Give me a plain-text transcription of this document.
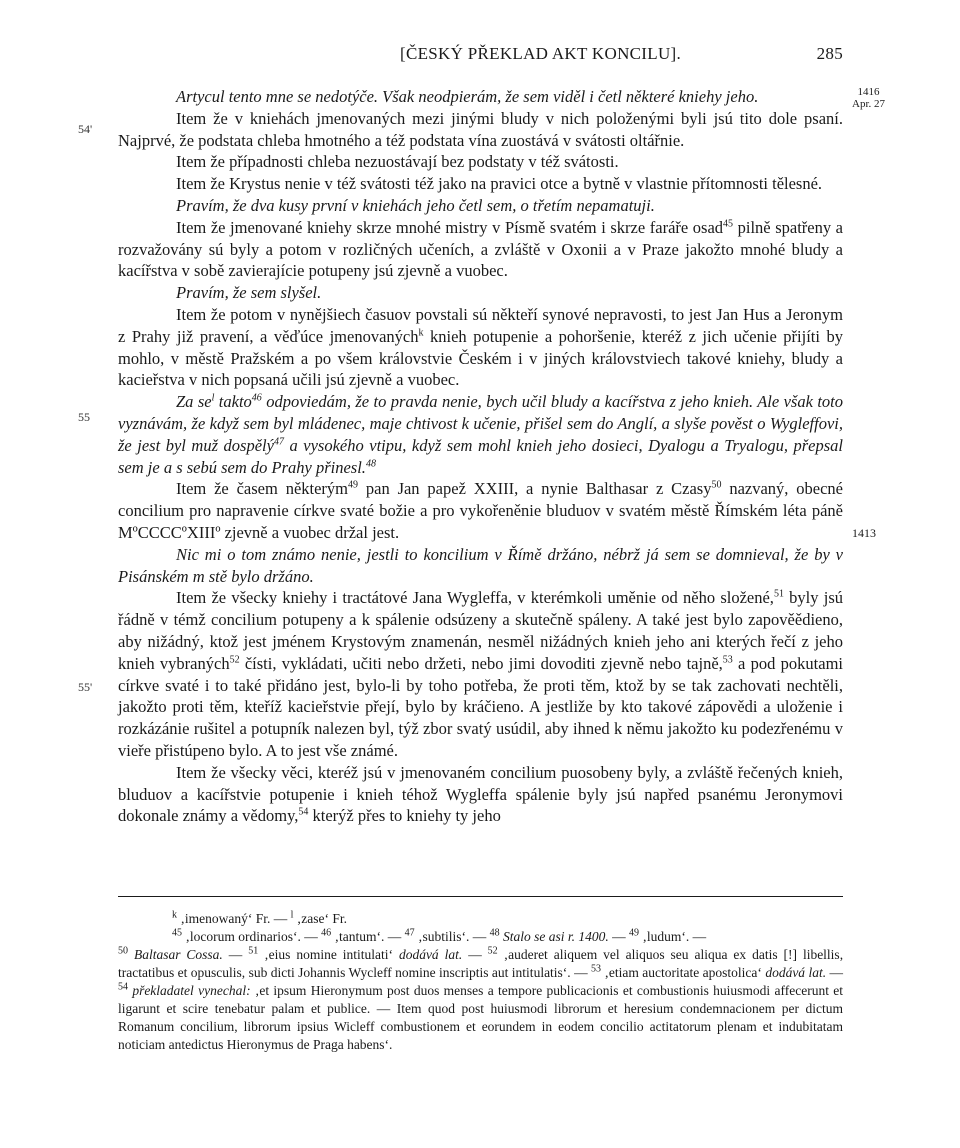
[ČESKÝ PŘEKLAD AKT KONCILU].	285
54'
55
55'
1416
Apr. 27
1413

Artycul tento mne se nedotýče. Však neodpierám, že sem viděl i četl některé kniehy jeho.

Item že v kniehách jmenovaných mezi jinými bludy v nich položenými byli jsú tito dole psaní. Najprvé, že podstata chleba hmotného a též podstata vína zuostává v svátosti oltářnie.

Item že případnosti chleba nezuostávají bez podstaty v též svátosti.

Item že Krystus nenie v též svátosti též jako na pravici otce a bytně v vlastnie přítomnosti tělesné.

Pravím, že dva kusy první v kniehách jeho četl sem, o třetím nepamatuji.

Item že jmenované kniehy skrze mnohé mistry v Písmě svatém i skrze faráře osad$^{45}$ pilně spatřeny a rozvažovány sú byly a potom v rozličných učeních, a zvláště v Oxonii a v Praze jakožto mnohé bludy a kacířstva v sobě zavierajície potupeny jsú zjevně a vuobec.

Pravím, že sem slyšel.

Item že potom v nynějšiech časuov povstali sú někteří synové nepravosti, to jest Jan Hus a Jeronym z Prahy již pravení, a věďúce jmenovaných$^k$ knieh potupenie a pohoršenie, kteréž z jich učenie přijíti by mohlo, v městě Pražském a po všem královstvie Českém i v jiných královstviech takové kniehy, bludy a kacieřstva v nich popsaná učili jsú zjevně a vuobec.

Za $se^l$ takto$^{46}$ odpoviedám, že to pravda nenie, bych učil bludy a kacířstva z jeho knieh. Ale však toto vyznávám, že když sem byl mládenec, maje chtivost k učenie, přišel sem do Anglí, a slyše pověst o Wygleffovi, že jest byl muž dospělý$^{47}$ a vysokého vtipu, když sem mohl knieh jeho dosieci, Dyalogu a Tryalogu, přepsal sem je a s sebú sem do Prahy přinesl.$^{48}$

Item že časem některým$^{49}$ pan Jan papež XXIII, a nynie Balthasar z Czasy$^{50}$ nazvaný, obecné concilium pro napravenie církve svaté božie a pro vykořeněnie bluduov v svatém městě Římském léta páně MºCCCCºXIIIº zjevně a vuobec držal jest.

Nic mi o tom známo nenie, jestli to koncilium v Římě držáno, nébrž já sem se domnieval, že by v Pisánském m stě bylo držáno.

Item že všecky kniehy i tractátové Jana Wygleffa, v kterémkoli uměnie od něho složené,$^{51}$ byly jsú řádně v témž concilium potupeny a k spálenie odsúzeny a skutečně spáleny. A také jest bylo zapověědieno, aby nižádný, ktož jest jménem Krystovým znamenán, nesměl nižádných knieh jeho ani kterých řečí z jeho knieh vybraných$^{52}$ čísti, vykládati, učiti nebo držeti, nebo jimi dovoditi zjevně nebo tajně,$^{53}$ a pod pokutami církve svaté i to také přidáno jest, bylo-li by toho potřeba, že proti těm, ktož by se tak zachovati nechtěli, jakožto proti těm, kteříž kacieřstvie přejí, bylo by kráčieno. A jestliže by kto takové zápovědi a uloženie i rozkázánie rušitel a potupník nalezen byl, týž zbor svatý usúdil, aby ihned k němu jakožto ku podezřenému v vieře přistúpeno bylo. A to jest vše známé.

Item že všecky věci, kteréž jsú v jmenovaném concilium puosobeny byly, a zvláště řečených knieh, bluduov a kacířstvie potupenie i knieh téhož Wygleffa spálenie byly jsú napřed psanému Jeronymovi dokonale známy a vědomy,$^{54}$ kterýž přes to kniehy ty jeho

$^k$ ‚imenowaný‘ Fr. — $^l$ ‚zase‘ Fr.

$^{45}$ ‚locorum ordinarios‘. — $^{46}$ ‚tantum‘. — $^{47}$ ‚subtilis‘. — $^{48}$ Stalo se asi r. 1400. — $^{49}$ ‚ludum‘. —

$^{50}$ Baltasar Cossa. — $^{51}$ ‚eius nomine intitulati‘ dodává lat. — $^{52}$ ‚auderet aliquem vel aliquos seu aliqua ex datis [!] libellis, tractatibus et opusculis, sub dicti Johannis Wycleff nomine inscriptis aut intitulatis‘. — $^{53}$ ‚etiam auctoritate apostolica‘ dodává lat. — $^{54}$ překladatel vynechal: ‚et ipsum Hieronymum post duos menses a tempore publicacionis et combustionis huiusmodi affecerunt et ligarunt et scire tenebatur palam et publice. — Item quod post huiusmodi librorum et heresium condemnacionem per dictum Romanum concilium, librorum ipsius Wicleff combustionem et eorundem in eodem concilio actitatorum plenam et indubitatam noticiam antedictus Hieronymus de Praga habens‘.
